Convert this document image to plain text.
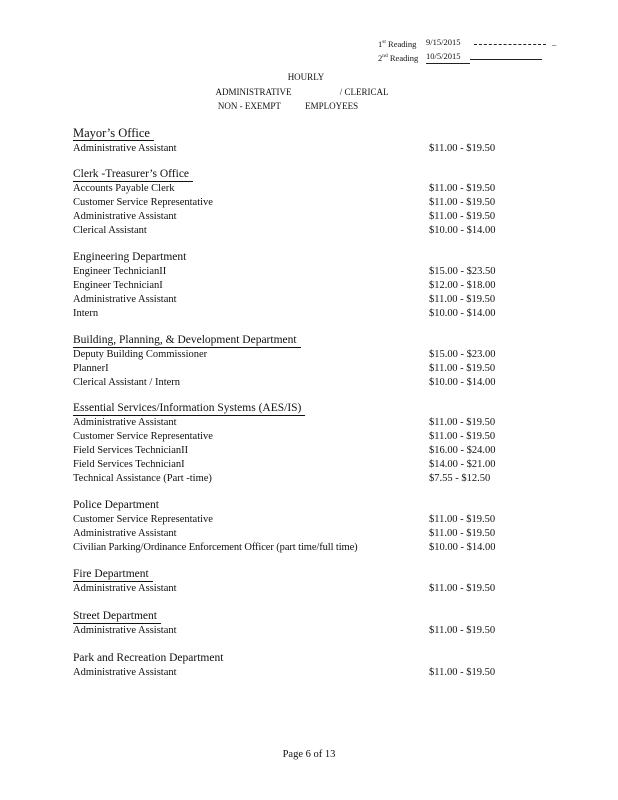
1st Reading	9/15/2015	_
2nd Reading 10/5/2015
HOURLY
ADMINISTRATIVE	/ CLERICAL
NON - EXEMPT	EMPLOYEES
Mayor’s Office
Administrative Assistant	$11.00 - $19.50
Clerk -Treasurer’s Office
Accounts Payable Clerk	$11.00 - $19.50
Customer Service Representative	$11.00 - $19.50
Administrative Assistant	$11.00 - $19.50
Clerical Assistant	$10.00 - $14.00
Engineering Department
Engineer TechnicianII	$15.00 - $23.50
Engineer TechnicianI	$12.00 - $18.00
Administrative Assistant	$11.00 - $19.50
Intern	$10.00 - $14.00
Building, Planning, & Development Department
Deputy Building Commissioner	$15.00 - $23.00
PlannerI	$11.00 - $19.50
Clerical Assistant / Intern	$10.00 - $14.00
Essential Services/Information Systems (AES/IS)
Administrative Assistant	$11.00 - $19.50
Customer Service Representative	$11.00 - $19.50
Field Services TechnicianII	$16.00 - $24.00
Field Services TechnicianI	$14.00 - $21.00
Technical Assistance (Part -time)	$7.55 - $12.50
Police Department
Customer Service Representative	$11.00 - $19.50
Administrative Assistant	$11.00 - $19.50
Civilian Parking/Ordinance Enforcement Officer (part time/full time)	$10.00 - $14.00
Fire Department
Administrative Assistant	$11.00 - $19.50
Street Department
Administrative Assistant	$11.00 - $19.50
Park and Recreation Department
Administrative Assistant	$11.00 - $19.50
Page 6 of 13
